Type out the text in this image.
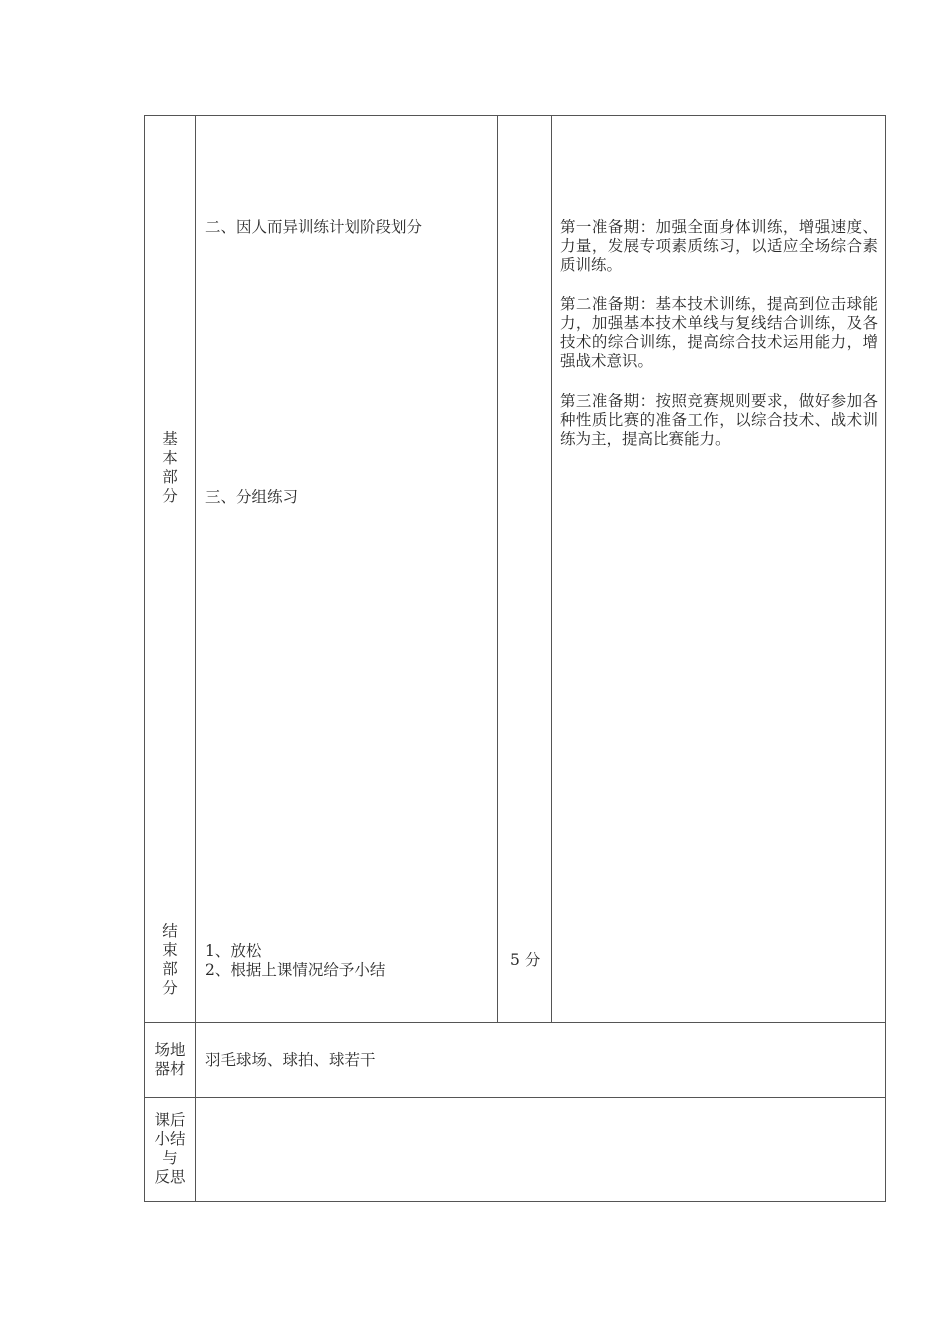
基
本
部
分
二、因人而异训练计划阶段划分
三、分组练习
第一准备期：加强全面身体训练，增强速度、力量，发展专项素质练习，以适应全场综合素质训练。
第二准备期：基本技术训练，提高到位击球能力，加强基本技术单线与复线结合训练，及各技术的综合训练，提高综合技术运用能力，增强战术意识。
第三准备期：按照竞赛规则要求，做好参加各种性质比赛的准备工作，以综合技术、战术训练为主，提高比赛能力。
结
束
部
分
1、放松
2、根据上课情况给予小结
5 分
场地
器材	羽毛球场、球拍、球若干
课后
小结
与
反思
